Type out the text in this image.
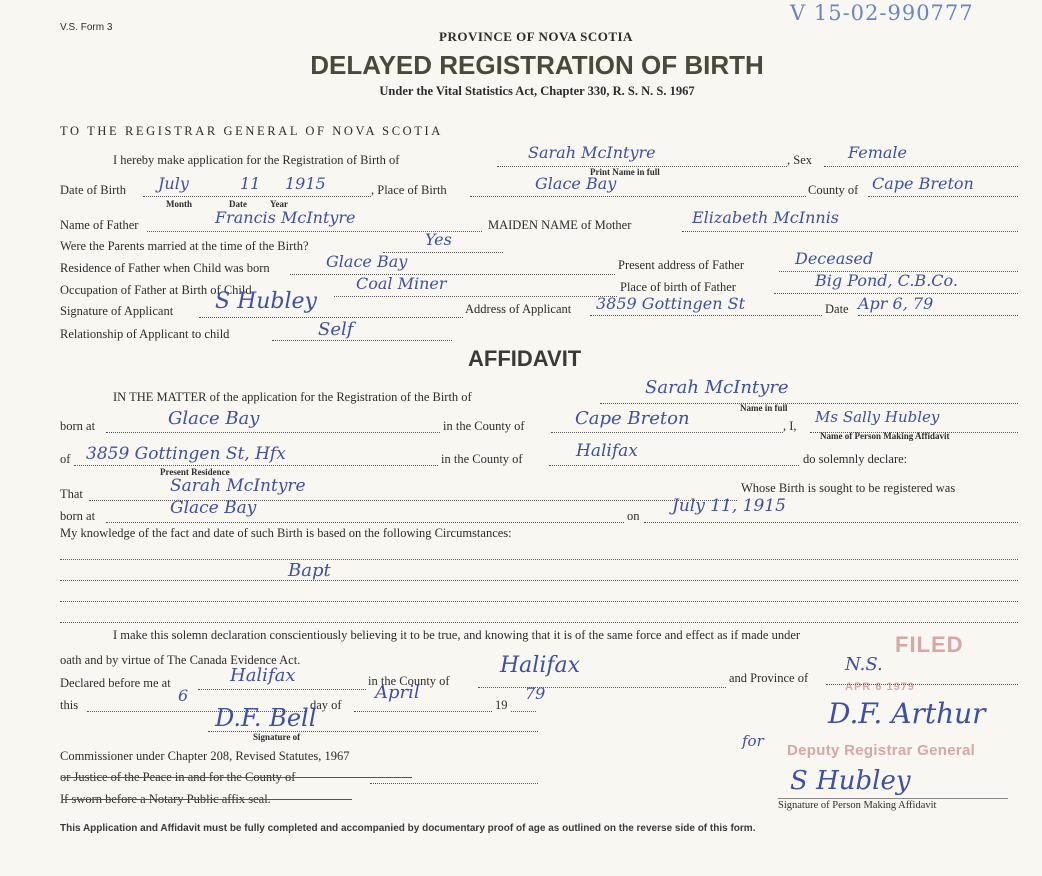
V.S. Form 3
V 15-02-990777
PROVINCE OF NOVA SCOTIA
DELAYED REGISTRATION OF BIRTH
Under the Vital Statistics Act, Chapter 330, R. S. N. S. 1967
TO THE REGISTRAR GENERAL OF NOVA SCOTIA
I hereby make application for the Registration of Birth of	Sarah McIntyre
Print Name in full
, Sex Female
Date of Birth July	11 1915
Month	Date	Year
, Place of Birth	Glace Bay	County of Cape Breton
Name of Father	Francis McIntyre	MAIDEN NAME of Mother	Elizabeth McInnis
Were the Parents married at the time of the Birth?	Yes
Residence of Father when Child was born	Glace Bay	Present address of Father	Deceased
Occupation of Father at Birth of Child	Coal Miner	Place of birth of Father	Big Pond, C.B.Co.
Signature of Applicant S Hubley	Address of Applicant 3859 Gottingen St	Date Apr 6, 79
Relationship of Applicant to child	Self
AFFIDAVIT
IN THE MATTER of the application for the Registration of the Birth of	Sarah McIntyre
Name in full
born at	Glace Bay	in the County of	Cape Breton	, I, Ms Sally Hubley
Name of Person Making Affidavit
of 3859 Gottingen St, Hfx
Present Residence
in the County of	Halifax	do solemnly declare:
That	Sarah McIntyre	Whose Birth is sought to be registered was
born at	Glace Bay	on July 11, 1915
My knowledge of the fact and date of such Birth is based on the following Circumstances:
Bapt
I make this solemn declaration conscientiously believing it to be true, and knowing that it is of the same force and effect as if made under
oath and by virtue of The Canada Evidence Act.
FILED
APR 6 1979
Declared before me at	Halifax	in the County of
Halifax	and Province of
N.S.
this	6	day of
April
19
79
D.F. Bell
Signature of
Commissioner under Chapter 208, Revised Statutes, 1967
or Justice of the Peace in and for the County of
If sworn before a Notary Public affix seal.
for
D.F. Arthur
Deputy Registrar General
S Hubley
Signature of Person Making Affidavit
This Application and Affidavit must be fully completed and accompanied by documentary proof of age as outlined on the reverse side of this form.
